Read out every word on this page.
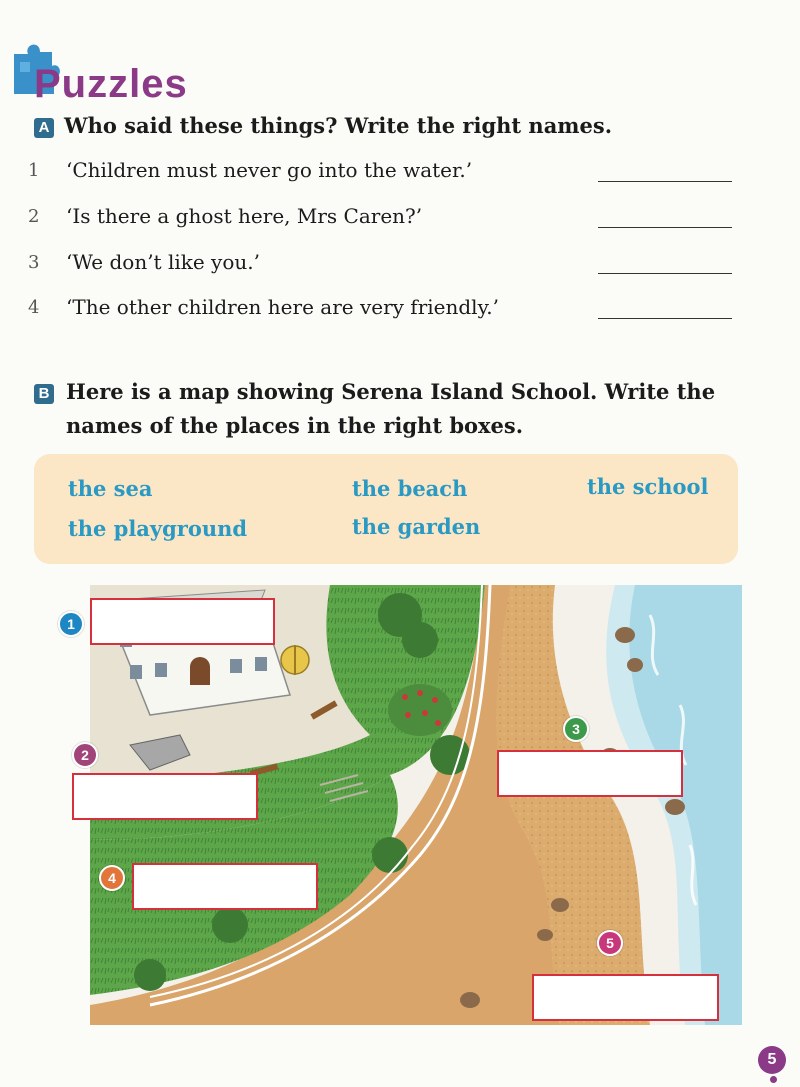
Puzzles
A Who said these things? Write the right names.
1 ‘Children must never go into the water.’
2 ‘Is there a ghost here, Mrs Caren?’
3 ‘We don’t like you.’
4 ‘The other children here are very friendly.’
B Here is a map showing Serena Island School. Write the
names of the places in the right boxes.
the sea	the beach	the school
the playground	the garden
1
2
3
4
5
5
